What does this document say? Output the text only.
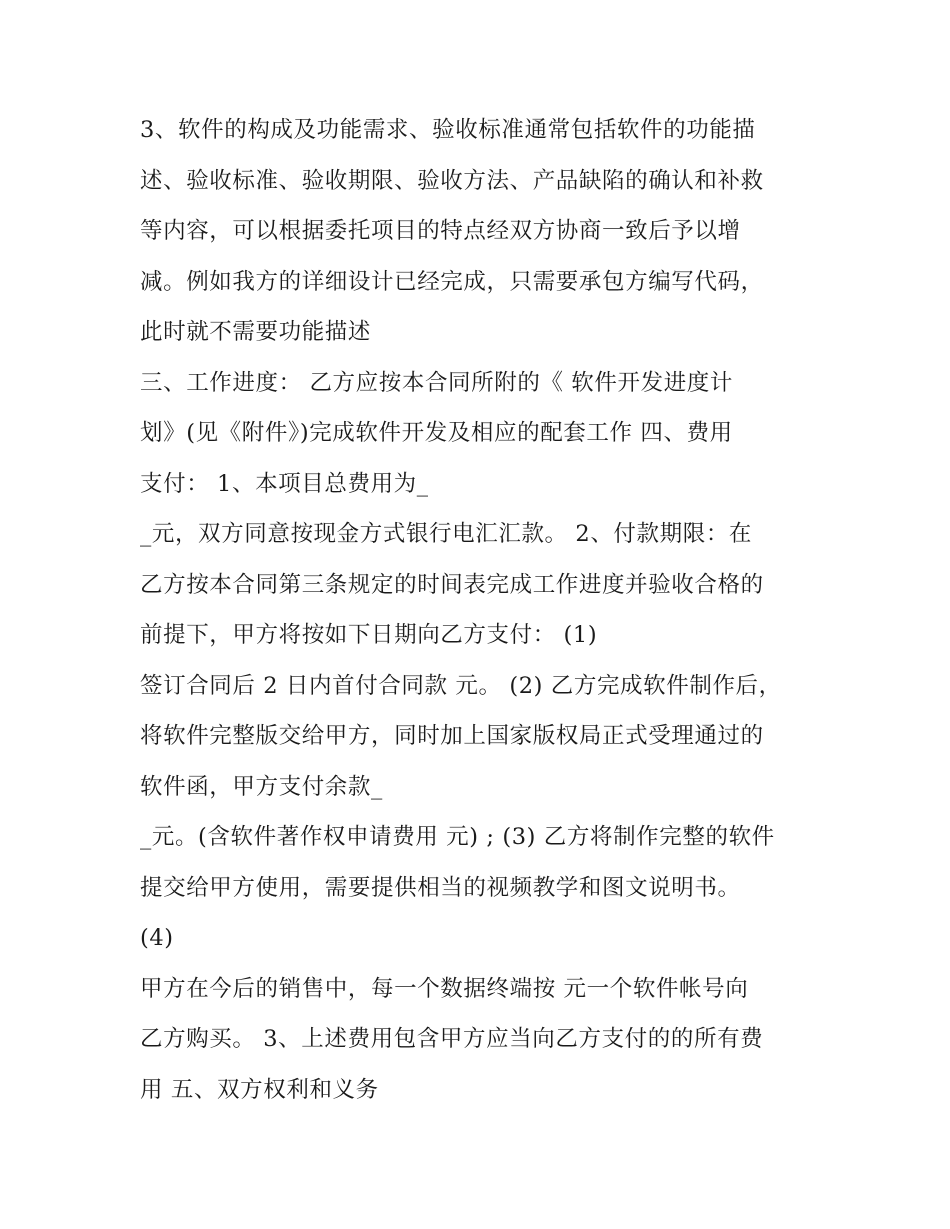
3、软件的构成及功能需求、验收标准通常包括软件的功能描
述、验收标准、验收期限、验收方法、产品缺陷的确认和补救
等内容，可以根据委托项目的特点经双方协商一致后予以增
减。例如我方的详细设计已经完成，只需要承包方编写代码，
此时就不需要功能描述
三、工作进度： 乙方应按本合同所附的《 软件开发进度计
划》(见《附件》)完成软件开发及相应的配套工作 四、费用
支付： 1、本项目总费用为_
_元，双方同意按现金方式银行电汇汇款。 2、付款期限：在
乙方按本合同第三条规定的时间表完成工作进度并验收合格的
前提下，甲方将按如下日期向乙方支付： (1)
签订合同后 2 日内首付合同款 元。 (2) 乙方完成软件制作后，
将软件完整版交给甲方，同时加上国家版权局正式受理通过的
软件函，甲方支付余款_
_元。(含软件著作权申请费用 元) ; (3) 乙方将制作完整的软件
提交给甲方使用，需要提供相当的视频教学和图文说明书。
(4)
甲方在今后的销售中，每一个数据终端按 元一个软件帐号向
乙方购买。 3、上述费用包含甲方应当向乙方支付的的所有费
用 五、双方权利和义务
